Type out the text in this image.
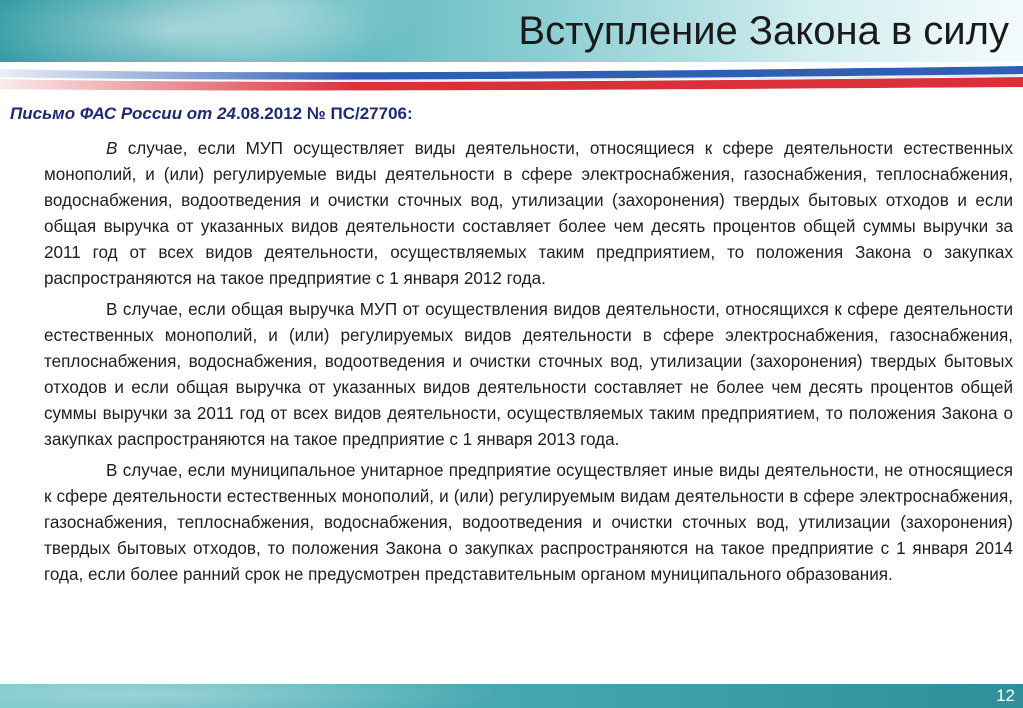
Вступление Закона в силу
Письмо ФАС России от 24.08.2012 № ПС/27706:

В случае, если МУП осуществляет виды деятельности, относящиеся к сфере деятельности естественных монополий, и (или) регулируемые виды деятельности в сфере электроснабжения, газоснабжения, теплоснабжения, водоснабжения, водоотведения и очистки сточных вод, утилизации (захоронения) твердых бытовых отходов и если общая выручка от указанных видов деятельности составляет более чем десять процентов общей суммы выручки за 2011 год от всех видов деятельности, осуществляемых таким предприятием, то положения Закона о закупках распространяются на такое предприятие с 1 января 2012 года.

В случае, если общая выручка МУП от осуществления видов деятельности, относящихся к сфере деятельности естественных монополий, и (или) регулируемых видов деятельности в сфере электроснабжения, газоснабжения, теплоснабжения, водоснабжения, водоотведения и очистки сточных вод, утилизации (захоронения) твердых бытовых отходов и если общая выручка от указанных видов деятельности составляет не более чем десять процентов общей суммы выручки за 2011 год от всех видов деятельности, осуществляемых таким предприятием, то положения Закона о закупках распространяются на такое предприятие с 1 января 2013 года.

В случае, если муниципальное унитарное предприятие осуществляет иные виды деятельности, не относящиеся к сфере деятельности естественных монополий, и (или) регулируемым видам деятельности в сфере электроснабжения, газоснабжения, теплоснабжения, водоснабжения, водоотведения и очистки сточных вод, утилизации (захоронения) твердых бытовых отходов, то положения Закона о закупках распространяются на такое предприятие с 1 января 2014 года, если более ранний срок не предусмотрен представительным органом муниципального образования.

12
